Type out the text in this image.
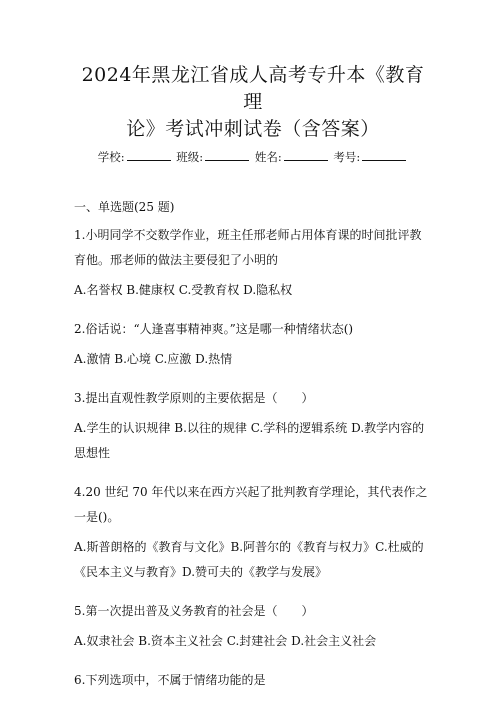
2024年黑龙江省成人高考专升本《教育理
论》考试冲刺试卷（含答案）
学校:	班级:	姓名:	考号:
一、单选题(25 题)

1.小明同学不交数学作业，班主任邢老师占用体育课的时间批评教育他。邢老师的做法主要侵犯了小明的

A.名誉权 B.健康权 C.受教育权 D.隐私权

2.俗话说：“人逢喜事精神爽。”这是哪一种情绪状态()

A.激情 B.心境 C.应激 D.热情

3.提出直观性教学原则的主要依据是（　　）

A.学生的认识规律 B.以往的规律 C.学科的逻辑系统 D.教学内容的思想性

4.20 世纪 70 年代以来在西方兴起了批判教育学理论，其代表作之一是()。

A.斯普朗格的《教育与文化》B.阿普尔的《教育与权力》C.杜威的《民本主义与教育》D.赞可夫的《教学与发展》

5.第一次提出普及义务教育的社会是（　　）

A.奴隶社会 B.资本主义社会 C.封建社会 D.社会主义社会

6.下列选项中，不属于情绪功能的是
